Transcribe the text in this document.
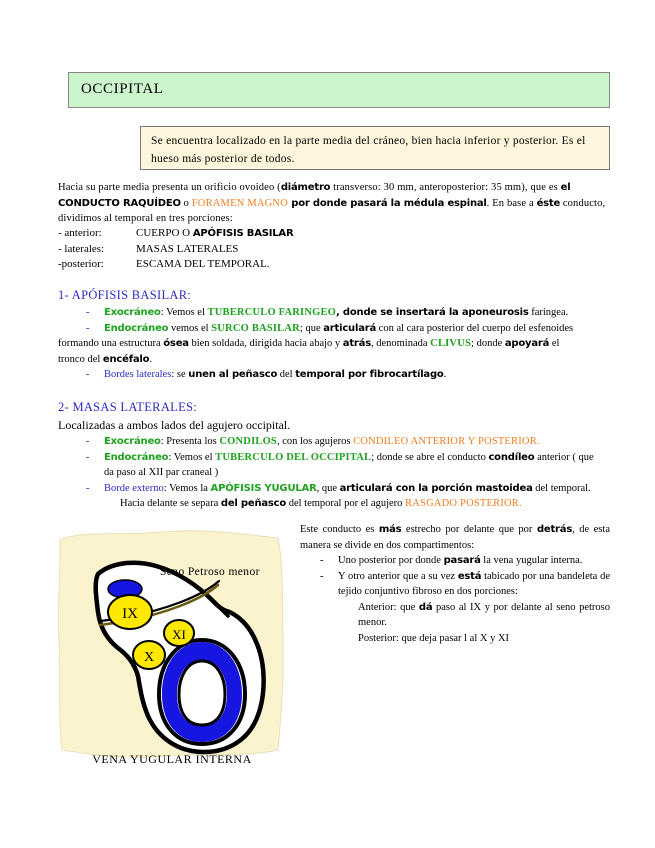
OCCIPITAL

Se encuentra localizado en la parte media del cráneo, bien hacia inferior y posterior. Es el hueso más posterior de todos.

Hacia su parte media presenta un orificio ovoideo (diámetro transverso: 30 mm, anteroposterior: 35 mm), que es el CONDUCTO RAQUÍDEO o FORAMEN MAGNO por donde pasará la médula espinal. En base a éste conducto, dividimos al temporal en tres porciones:

- anterior:	CUERPO O APÓFISIS BASILAR
- laterales:	MASAS LATERALES
-posterior:	ESCAMA DEL TEMPORAL.
1- APÓFISIS BASILAR:
- Exocráneo: Vemos el TUBERCULO FARINGEO, donde se insertará la aponeurosis faringea.
- Endocráneo vemos el SURCO BASILAR; que articulará con al cara posterior del cuerpo del esfenoides
formando una estructura ósea bien soldada, dirigida hacia abajo y atrás, denominada CLIVUS; donde apoyará el
tronco del encéfalo.
- Bordes laterales: se unen al peñasco del temporal por fibrocartílago.
2- MASAS LATERALES:
Localizadas a ambos lados del agujero occipital.
- Exocráneo: Presenta los CONDILOS, con los agujeros CONDILEO ANTERIOR Y POSTERIOR.
- Endocráneo: Vemos el TUBERCULO DEL OCCIPITAL; donde se abre el conducto condíleo anterior ( que
da paso al XII par craneal )
- Borde externo: Vemos la APÓFISIS YUGULAR, que articulará con la porción mastoidea del temporal.
Hacia delante se separa del peñasco del temporal por el agujero RASGADO POSTERIOR.
Este conducto es más estrecho por delante que por detrás, de esta manera se divide en dos compartimentos:
- Uno posterior por donde pasará la vena yugular interna.
- Y otro anterior que a su vez está tabicado por una bandeleta de tejido conjuntivo fibroso en dos porciones:
Anterior: que dá paso al IX y por delante al seno petroso menor.
Posterior: que deja pasar l al X y XI
IX
X
XI
Seno Petroso menor
VENA YUGULAR INTERNA
